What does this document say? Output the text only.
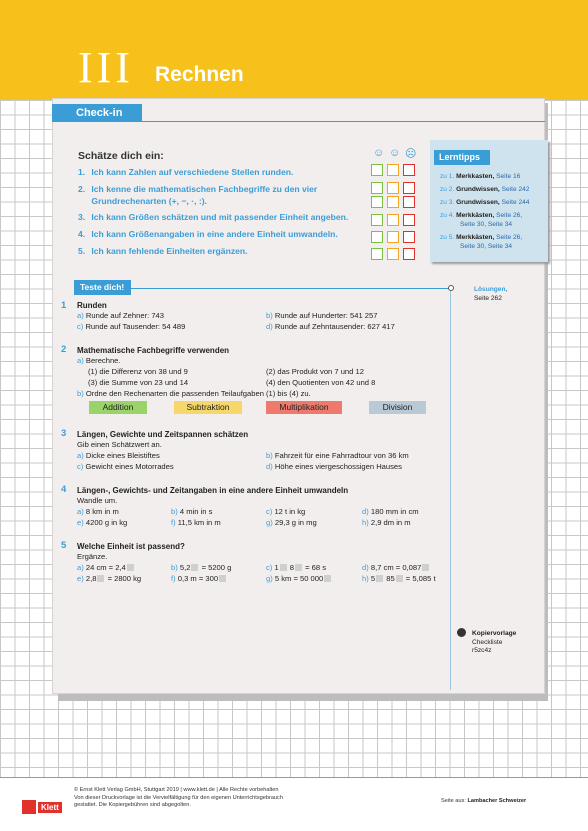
III Rechnen
Check-in
Schätze dich ein:	☺ ☺ ☹
1. Ich kann Zahlen auf verschiedene Stellen runden.
2. Ich kenne die mathematischen Fachbegriffe zu den vier
Grundrechenarten (+, −, ·, :).
3. Ich kann Größen schätzen und mit passender Einheit angeben.
4. Ich kann Größenangaben in eine andere Einheit umwandeln.
5. Ich kann fehlende Einheiten ergänzen.
Lerntipps
zu 1. Merkkasten, Seite 16
zu 2. Grundwissen, Seite 242
zu 3. Grundwissen, Seite 244
zu 4. Merkkästen, Seite 26,
Seite 30, Seite 34
zu 5. Merkkästen, Seite 26,
Seite 30, Seite 34
Teste dich!	Lösungen,
Seite 262
1 Runden
a) Runde auf Zehner: 743	b) Runde auf Hunderter: 541 257
c) Runde auf Tausender: 54 489	d) Runde auf Zehntausender: 627 417
2 Mathematische Fachbegriffe verwenden
a) Berechne.
(1) die Differenz von 38 und 9	(2) das Produkt von 7 und 12
(3) die Summe von 23 und 14	(4) den Quotienten von 42 und 8
b) Ordne den Rechenarten die passenden Teilaufgaben (1) bis (4) zu.
Addition	Subtraktion	Multiplikation	Division
3 Längen, Gewichte und Zeitspannen schätzen
Gib einen Schätzwert an.
a) Dicke eines Bleistiftes	b) Fahrzeit für eine Fahrradtour von 36 km
c) Gewicht eines Motorrades	d) Höhe eines viergeschossigen Hauses
4 Längen-, Gewichts- und Zeitangaben in eine andere Einheit umwandeln
Wandle um.
a) 8 km in m	b) 4 min in s	c) 12 t in kg	d) 180 mm in cm
e) 4200 g in kg	f) 11,5 km in m	g) 29,3 g in mg	h) 2,9 dm in m
5 Welche Einheit ist passend?
Ergänze.
a) 24 cm = 2,4	b) 5,2 = 5200 g	c) 1 8 = 68 s	d) 8,7 cm = 0,087
e) 2,8 = 2800 kg	f) 0,3 m = 300	g) 5 km = 50 000	h) 5 85 = 5,085 t
Kopiervorlage
Checkliste
r5zc4z
Klett
© Ernst Klett Verlag GmbH, Stuttgart 2019 | www.klett.de | Alle Rechte vorbehalten
Von dieser Druckvorlage ist die Vervielfältigung für den eigenen Unterrichtsgebrauch
gestattet. Die Kopiergebühren sind abgegolten.
Seite aus: Lambacher Schweizer
